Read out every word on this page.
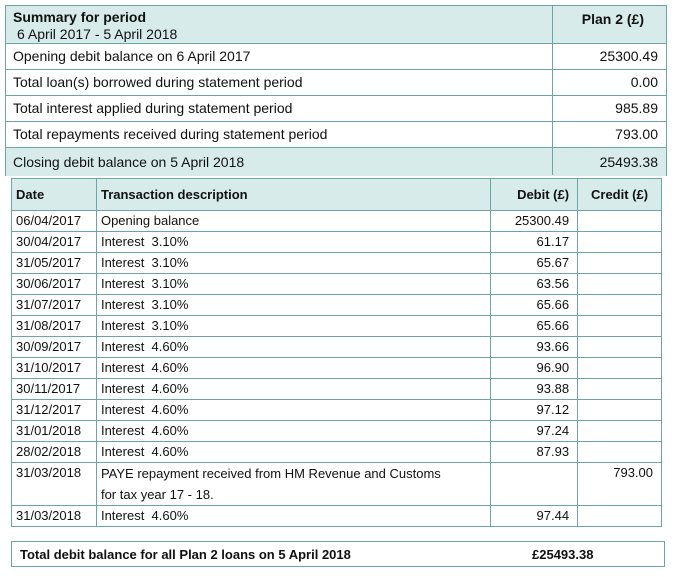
Summary for period
6 April 2017 - 5 April 2018
Plan 2 (£)
Opening debit balance on 6 April 2017	25300.49
Total loan(s) borrowed during statement period	0.00
Total interest applied during statement period	985.89
Total repayments received during statement period	793.00
Closing debit balance on 5 April 2018	25493.38
Date	Transaction description	Debit (£)	Credit (£)
06/04/2017	Opening balance	25300.49	
30/04/2017	Interest  3.10%	61.17	
31/05/2017	Interest  3.10%	65.67	
30/06/2017	Interest  3.10%	63.56	
31/07/2017	Interest  3.10%	65.66	
31/08/2017	Interest  3.10%	65.66	
30/09/2017	Interest  4.60%	93.66	
31/10/2017	Interest  4.60%	96.90	
30/11/2017	Interest  4.60%	93.88	
31/12/2017	Interest  4.60%	97.12	
31/01/2018	Interest  4.60%	97.24	
28/02/2018	Interest  4.60%	87.93	
31/03/2018	PAYE repayment received from HM Revenue and Customs
for tax year 17 - 18.		793.00
31/03/2018	Interest  4.60%	97.44	
Total debit balance for all Plan 2 loans on 5 April 2018	£25493.38
